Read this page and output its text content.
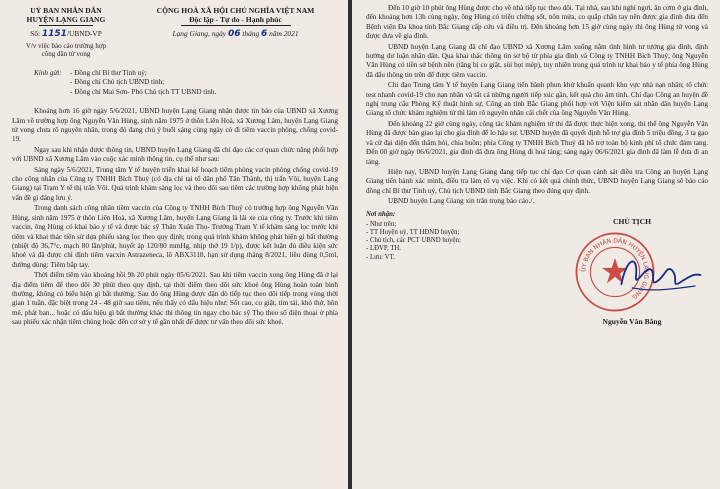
UỶ BAN NHÂN DÂN
HUYỆN LẠNG GIANG
Số: 1151/UBND-VP
V/v việc báo cáo trường hợp
công dân tử vong
CỘNG HOÀ XÃ HỘI CHỦ NGHĨA VIỆT NAM
Độc lập - Tự do - Hạnh phúc
Lạng Giang, ngày 06 tháng 6 năm 2021
Kính gửi:	- Đồng chí Bí thư Tỉnh uỷ;
- Đồng chí Chủ tịch UBND tỉnh;
- Đồng chí Mai Sơn- Phó Chủ tịch TT UBND tỉnh.

Khoảng hơn 16 giờ ngày 5/6/2021, UBND huyện Lạng Giang nhận được tin báo của UBND xã Xương Lâm về trường hợp ông Nguyễn Văn Hùng, sinh năm 1975 ở thôn Liên Hoà, xã Xương Lâm, huyện Lạng Giang tử vong chưa rõ nguyên nhân, trong đó đang chú ý buổi sáng cùng ngày có đi tiêm vaccin phòng, chống covid-19.

Ngay sau khi nhận được thông tin, UBND huyện Lạng Giang đã chỉ đạo các cơ quan chức năng phối hợp với UBND xã Xương Lâm vào cuộc xác minh thông tin, cụ thể như sau:

Sáng ngày 5/6/2021, Trung tâm Y tế huyện triển khai kế hoạch tiêm phòng vacin phòng chống covid-19 cho công nhân của Công ty TNHH Bích Thuỷ (có địa chỉ tại tổ dân phố Tân Thành, thị trấn Vôi, huyện Lạng Giang) tại Trạm Y tế thị trấn Vôi. Quá trình khám sàng lọc và theo dõi sau tiêm các trường hợp không phát hiện vấn đề gì đáng lưu ý.

Trong danh sách công nhân tiêm vaccin của Công ty TNHH Bích Thuỷ có trường hợp ông Nguyễn Văn Hùng, sinh năm 1975 ở thôn Liên Hoà, xã Xương Lâm, huyện Lạng Giang là lái xe của công ty. Trước khi tiêm vaccin, ông Hùng có khai báo y tế và được bác sỹ Thân Xuân Thọ- Trưởng Trạm Y tế khám sàng lọc trước khi tiêm và khai thác tiền sử dựa phiếu sàng lọc theo quy định; trong quá trình khám không phát hiện gì bất thường (nhiệt độ 36,7°c, mạch 80 lần/phút, huyết áp 120/80 mmHg, nhịp thở 19 1/p), được kết luận đủ điều kiện sức khoẻ và đã được chỉ định tiêm vacxin Astrazeneca, lô ABX3118, hạn sử dụng tháng 8/2021, liều dùng 0,5ml, đường dùng: Tiêm bắp tay.

Thời điểm tiêm vào khoảng hồi 9h 20 phút ngày 05/6/2021. Sau khi tiêm vaccin xong ông Hùng đã ở lại địa điểm tiêm để theo dõi 30 phút theo quy định, tại thời điểm theo dõi sức khoẻ ông Hùng hoàn toàn bình thường, không có biểu hiện gì bất thường. Sau đó ông Hùng được dặn dò tiếp tục theo dõi tiếp trong vòng thời gian 1 tuần, đặc biệt trong 24 - 48 giờ sau tiêm, nếu thấy có dấu hiệu như: Sốt cao, co giật, tím tái, khó thở, hôn mê, phát ban... hoặc có dấu hiệu gì bất thường khác thì thông tin ngay cho bác sỹ Thọ theo số điện thoại ở phía sau phiếu xác nhận tiêm chủng hoặc đến cơ sở y tế gần nhất để được tư vấn theo dõi sức khoẻ.

Đến 10 giờ 10 phút ông Hùng được cho về nhà tiếp tục theo dõi. Tại nhà, sau khi nghỉ ngơi, ăn cơm ở gia đình, đến khoảng hơn 13h cùng ngày, ông Hùng có triệu chứng sốt, nôn mửa, co quắp chân tay nên được gia đình đưa đến Bệnh viện Đa khoa tỉnh Bắc Giang cấp cứu và điều trị. Đến khoảng hơn 15 giờ cùng ngày thì ông Hùng tử vong và được đưa về gia đình.

UBND huyện Lạng Giang đã chỉ đạo UBND xã Xương Lâm xuống nắm tình hình tư tưởng gia đình, định hướng dư luận nhân dân. Qua khai thác thông tin sơ bộ từ phía gia đình và Công ty TNHH Bích Thuỷ, ông Nguyễn Văn Hùng có tiền sử bệnh nền (tăng bị co giật, sùi bọt mép), tuy nhiên trong quá trình tự khai báo y tế phía ông Hùng đã dấu thông tin trên để được tiêm vaccin.

Chỉ đạo Trung tâm Y tế huyện Lạng Giang tiến hành phun khử khuẩn quanh khu vực nhà nạn nhân; tổ chức test nhanh covid-19 cho nạn nhân và tất cả những người tiếp xúc gần, kết quả cho âm tính. Chỉ đạo Công an huyện đề nghị trung cấu Phòng Kỹ thuật hình sự, Công an tỉnh Bắc Giang phối hợp với Viện kiểm sát nhân dân huyện Lạng Giang tổ chức khám nghiệm tử thi làm rõ nguyên nhân cái chết của ông Nguyễn Văn Hùng.

Đến khoảng 22 giờ cùng ngày, công tác khám nghiệm tử thi đã được thực hiện xong, thi thể ông Nguyễn Văn Hùng đã được bàn giao lại cho gia đình để lo hậu sự. UBND huyện đã quyết định hỗ trợ gia đình 5 triệu đồng, 3 tạ gạo và cử đại diện đến thăm hỏi, chia buồn; phía Công ty TNHH Bích Thuỷ đã hỗ trợ toàn bộ kinh phí tổ chức đám tang. Đến 00 giờ ngày 06/6/2021, gia đình đã đưa ông Hùng đi hoả táng; sáng ngày 06/6/2021 gia đình đã làm lễ đưa đi an táng.

Hiện nay, UBND huyện Lạng Giang đang tiếp tục chỉ đạo Cơ quan cảnh sát điều tra Công an huyện Lạng Giang tiến hành xác minh, điều tra làm rõ vụ việc. Khi có kết quả chính thức, UBND huyện Lạng Giang sẽ báo cáo đồng chí Bí thư Tỉnh uỷ, Chủ tịch UBND tỉnh Bắc Giang theo đúng quy định.

UBND huyện Lạng Giang xin trân trọng báo cáo./.

Nơi nhận:
- Như trên;
- TT Huyện uỷ, TT HĐND huyện;
- Chủ tịch, các PCT UBND huyện;
- LĐVP, TH.
- Lưu: VT.
CHỦ TỊCH
ỦY BAN NHÂN DÂN HUYỆN LẠNG GIANG
Nguyễn Văn Bằng
